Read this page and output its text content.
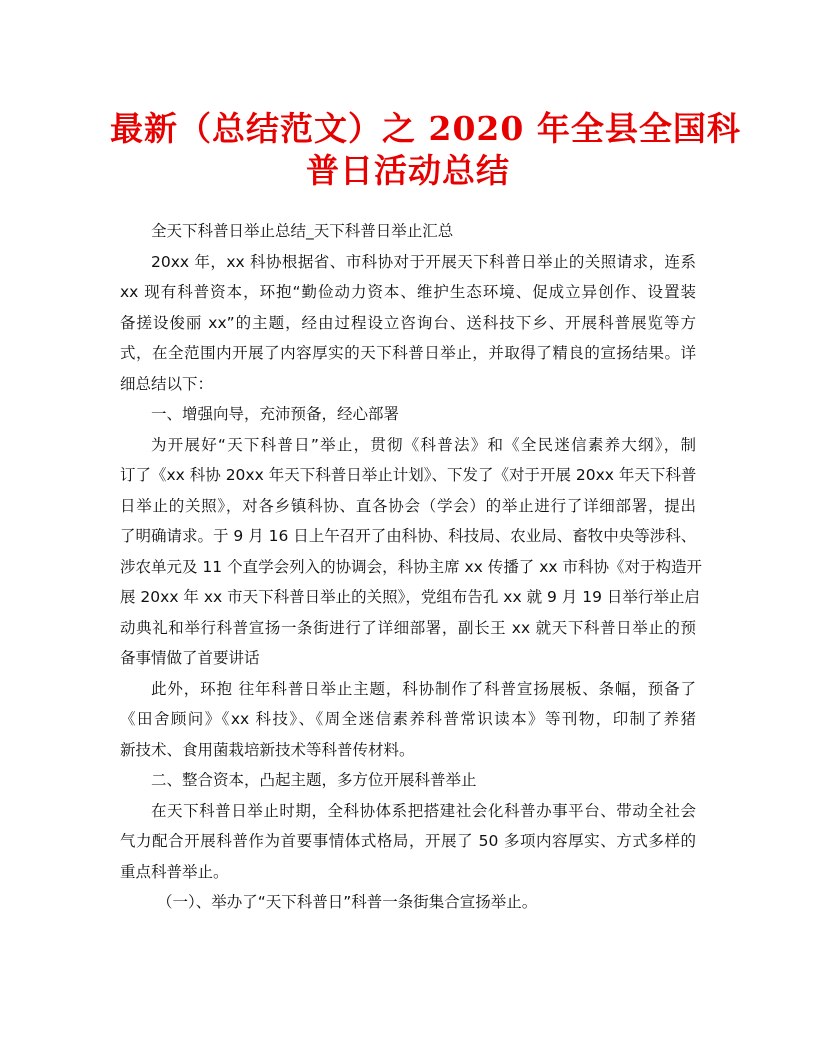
最新（总结范文）之 2020 年全县全国科
普日活动总结
全天下科普日举止总结_天下科普日举止汇总
20xx 年，xx 科协根据省、市科协对于开展天下科普日举止的关照请求，连系
xx 现有科普资本，环抱“勤俭动力资本、维护生态环境、促成立异创作、设置装
备搓设俊丽 xx”的主题，经由过程设立咨询台、送科技下乡、开展科普展览等方
式，在全范围内开展了内容厚实的天下科普日举止，并取得了精良的宣扬结果。详
细总结以下：
一、增强向导，充沛预备，经心部署
为开展好“天下科普日”举止，贯彻《科普法》和《全民迷信素养大纲》，制
订了《xx 科协 20xx 年天下科普日举止计划》、下发了《对于开展 20xx 年天下科普
日举止的关照》，对各乡镇科协、直各协会（学会）的举止进行了详细部署，提出
了明确请求。于 9 月 16 日上午召开了由科协、科技局、农业局、畜牧中央等涉科、
涉农单元及 11 个直学会列入的协调会，科协主席 xx 传播了 xx 市科协《对于构造开
展 20xx 年 xx 市天下科普日举止的关照》，党组布告孔 xx 就 9 月 19 日举行举止启
动典礼和举行科普宣扬一条街进行了详细部署，副长王 xx 就天下科普日举止的预
备事情做了首要讲话
此外，环抱 往年科普日举止主题，科协制作了科普宣扬展板、条幅，预备了
《田舍顾问》《xx 科技》、《周全迷信素养科普常识读本》等刊物，印制了养猪
新技术、食用菌栽培新技术等科普传材料。
二、整合资本，凸起主题，多方位开展科普举止
在天下科普日举止时期，全科协体系把搭建社会化科普办事平台、带动全社会
气力配合开展科普作为首要事情体式格局，开展了 50 多项内容厚实、方式多样的
重点科普举止。
（一）、举办了“天下科普日”科普一条街集合宣扬举止。
